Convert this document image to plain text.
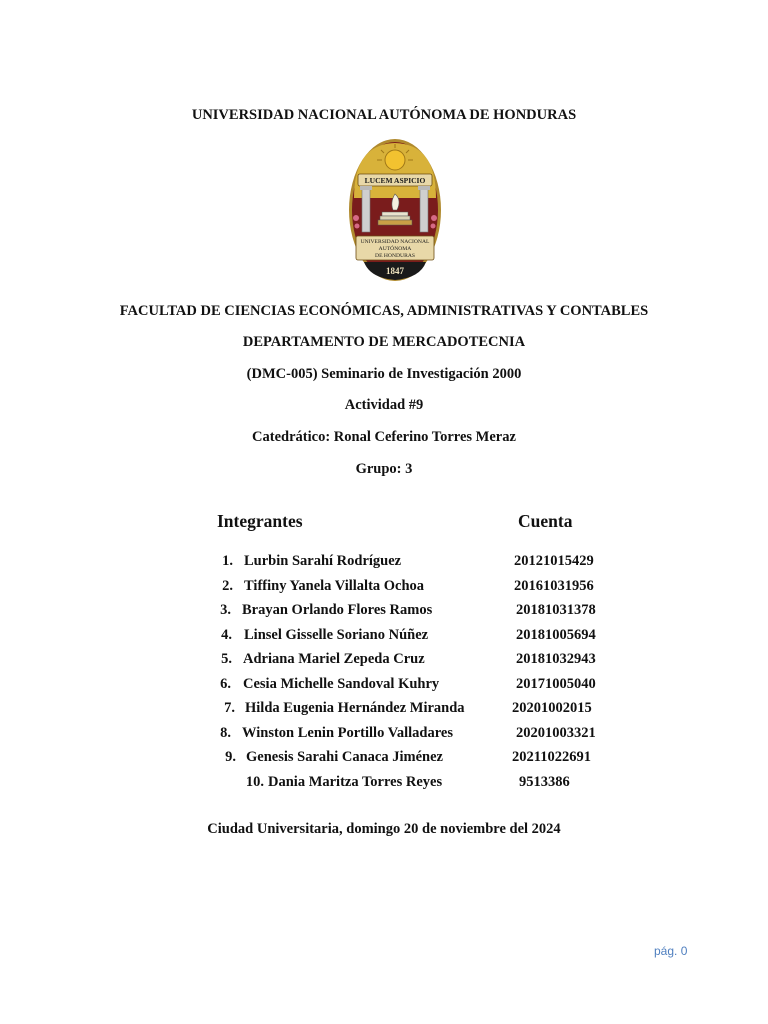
UNIVERSIDAD NACIONAL AUTÓNOMA DE HONDURAS
LUCEM ASPICIO
UNIVERSIDAD NACIONAL
AUTÓNOMA
DE HONDURAS
1847
FACULTAD DE CIENCIAS ECONÓMICAS, ADMINISTRATIVAS Y CONTABLES
DEPARTAMENTO DE MERCADOTECNIA
(DMC-005) Seminario de Investigación 2000
Actividad #9
Catedrático: Ronal Ceferino Torres Meraz
Grupo: 3
Integrantes	Cuenta
1. Lurbin Sarahí Rodríguez	20121015429
2. Tiffiny Yanela Villalta Ochoa	20161031956
3. Brayan Orlando Flores Ramos	20181031378
4. Linsel Gisselle Soriano Núñez	20181005694
5. Adriana Mariel Zepeda Cruz	20181032943
6. Cesia Michelle Sandoval Kuhry	20171005040
7. Hilda Eugenia Hernández Miranda	20201002015
8. Winston Lenin Portillo Valladares	20201003321
9. Genesis Sarahi Canaca Jiménez	20211022691
10. Dania Maritza Torres Reyes	9513386
Ciudad Universitaria, domingo 20 de noviembre del 2024
pág. 0
